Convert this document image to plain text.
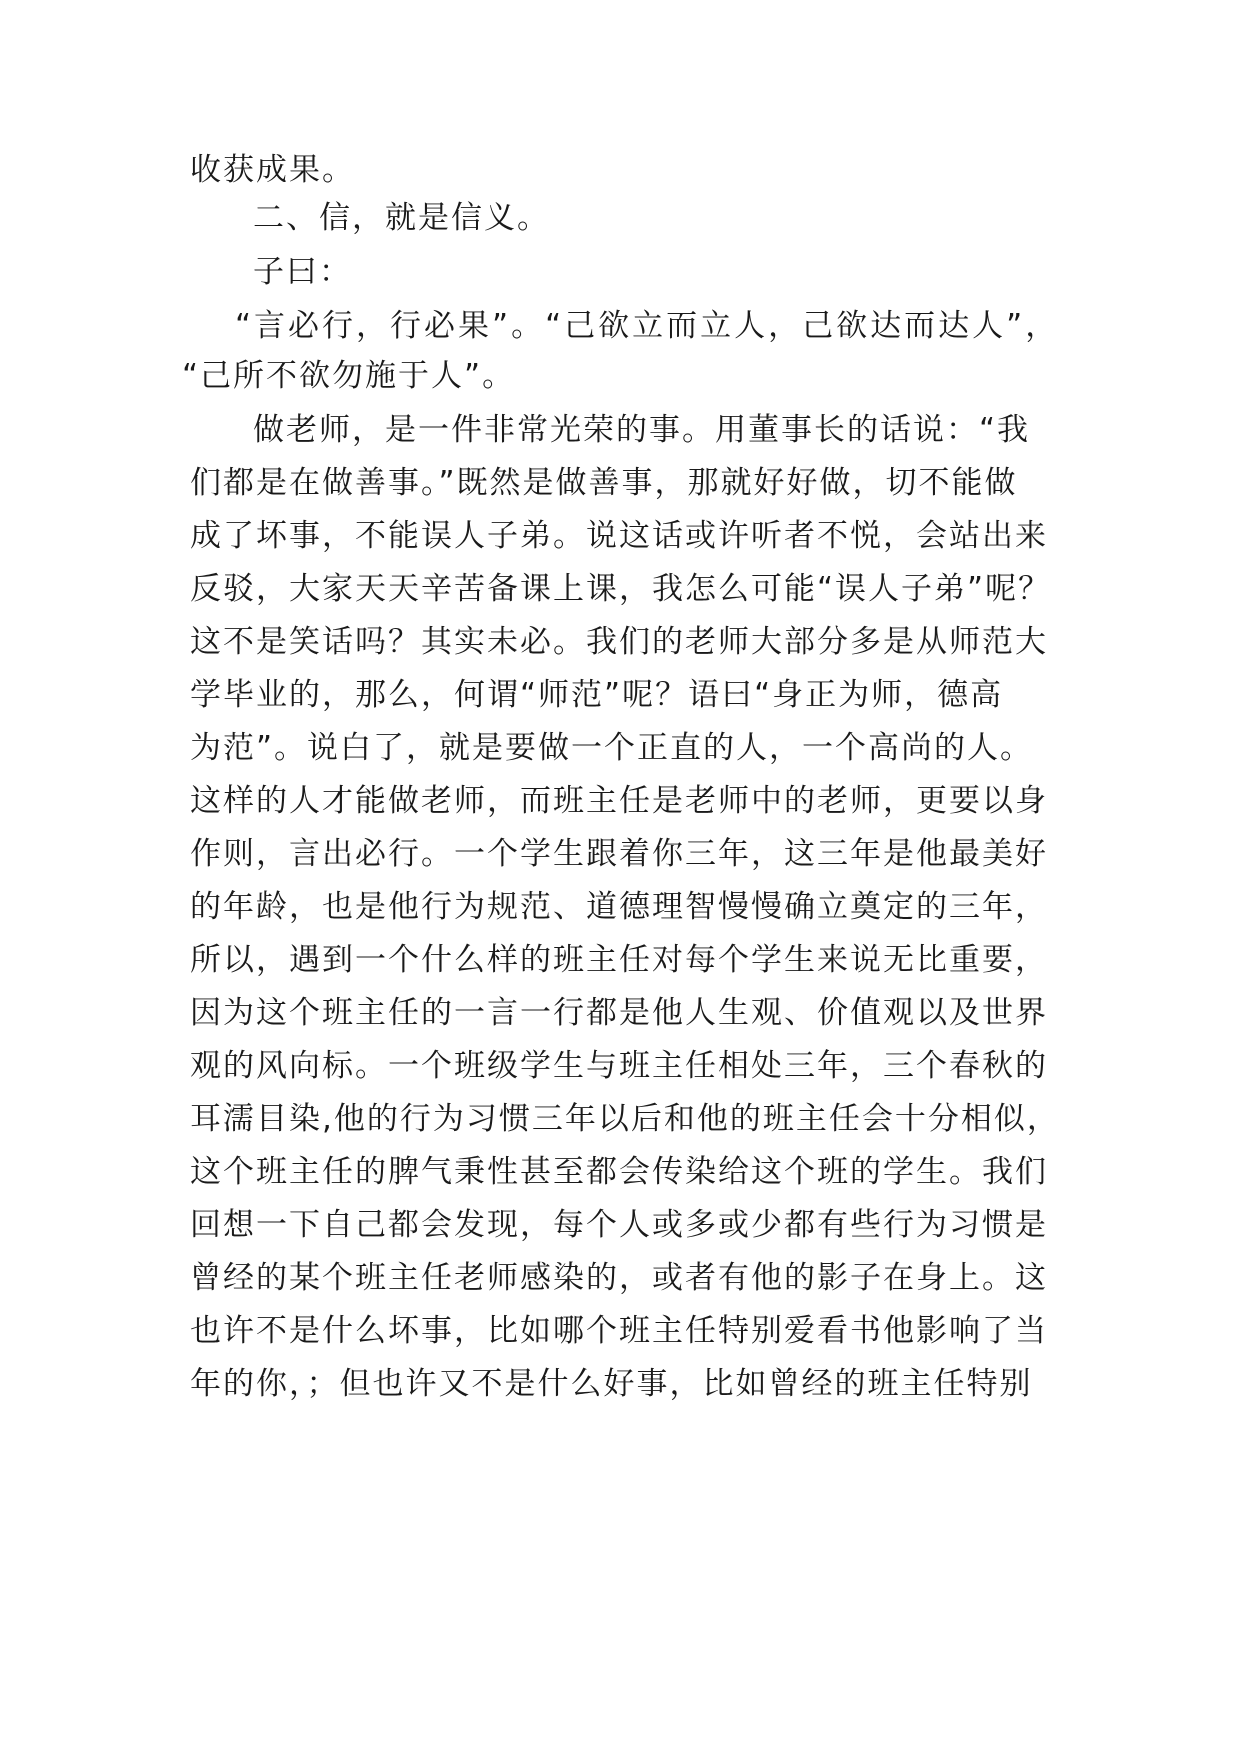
收获成果。
二、信，就是信义。
子曰：
“言必行，行必果”。“己欲立而立人，己欲达而达人”，
“己所不欲勿施于人”。
做老师，是一件非常光荣的事。用董事长的话说：“我
们都是在做善事。”既然是做善事，那就好好做，切不能做
成了坏事，不能误人子弟。说这话或许听者不悦，会站出来
反驳，大家天天辛苦备课上课，我怎么可能“误人子弟”呢？
这不是笑话吗？其实未必。我们的老师大部分多是从师范大
学毕业的，那么，何谓“师范”呢？语曰“身正为师，德高
为范”。说白了，就是要做一个正直的人，一个高尚的人。
这样的人才能做老师，而班主任是老师中的老师，更要以身
作则，言出必行。一个学生跟着你三年，这三年是他最美好
的年龄，也是他行为规范、道德理智慢慢确立奠定的三年，
所以，遇到一个什么样的班主任对每个学生来说无比重要，
因为这个班主任的一言一行都是他人生观、价值观以及世界
观的风向标。一个班级学生与班主任相处三年，三个春秋的
耳濡目染,他的行为习惯三年以后和他的班主任会十分相似，
这个班主任的脾气秉性甚至都会传染给这个班的学生。我们
回想一下自己都会发现，每个人或多或少都有些行为习惯是
曾经的某个班主任老师感染的，或者有他的影子在身上。这
也许不是什么坏事，比如哪个班主任特别爱看书他影响了当
年的你，；但也许又不是什么好事，比如曾经的班主任特别
